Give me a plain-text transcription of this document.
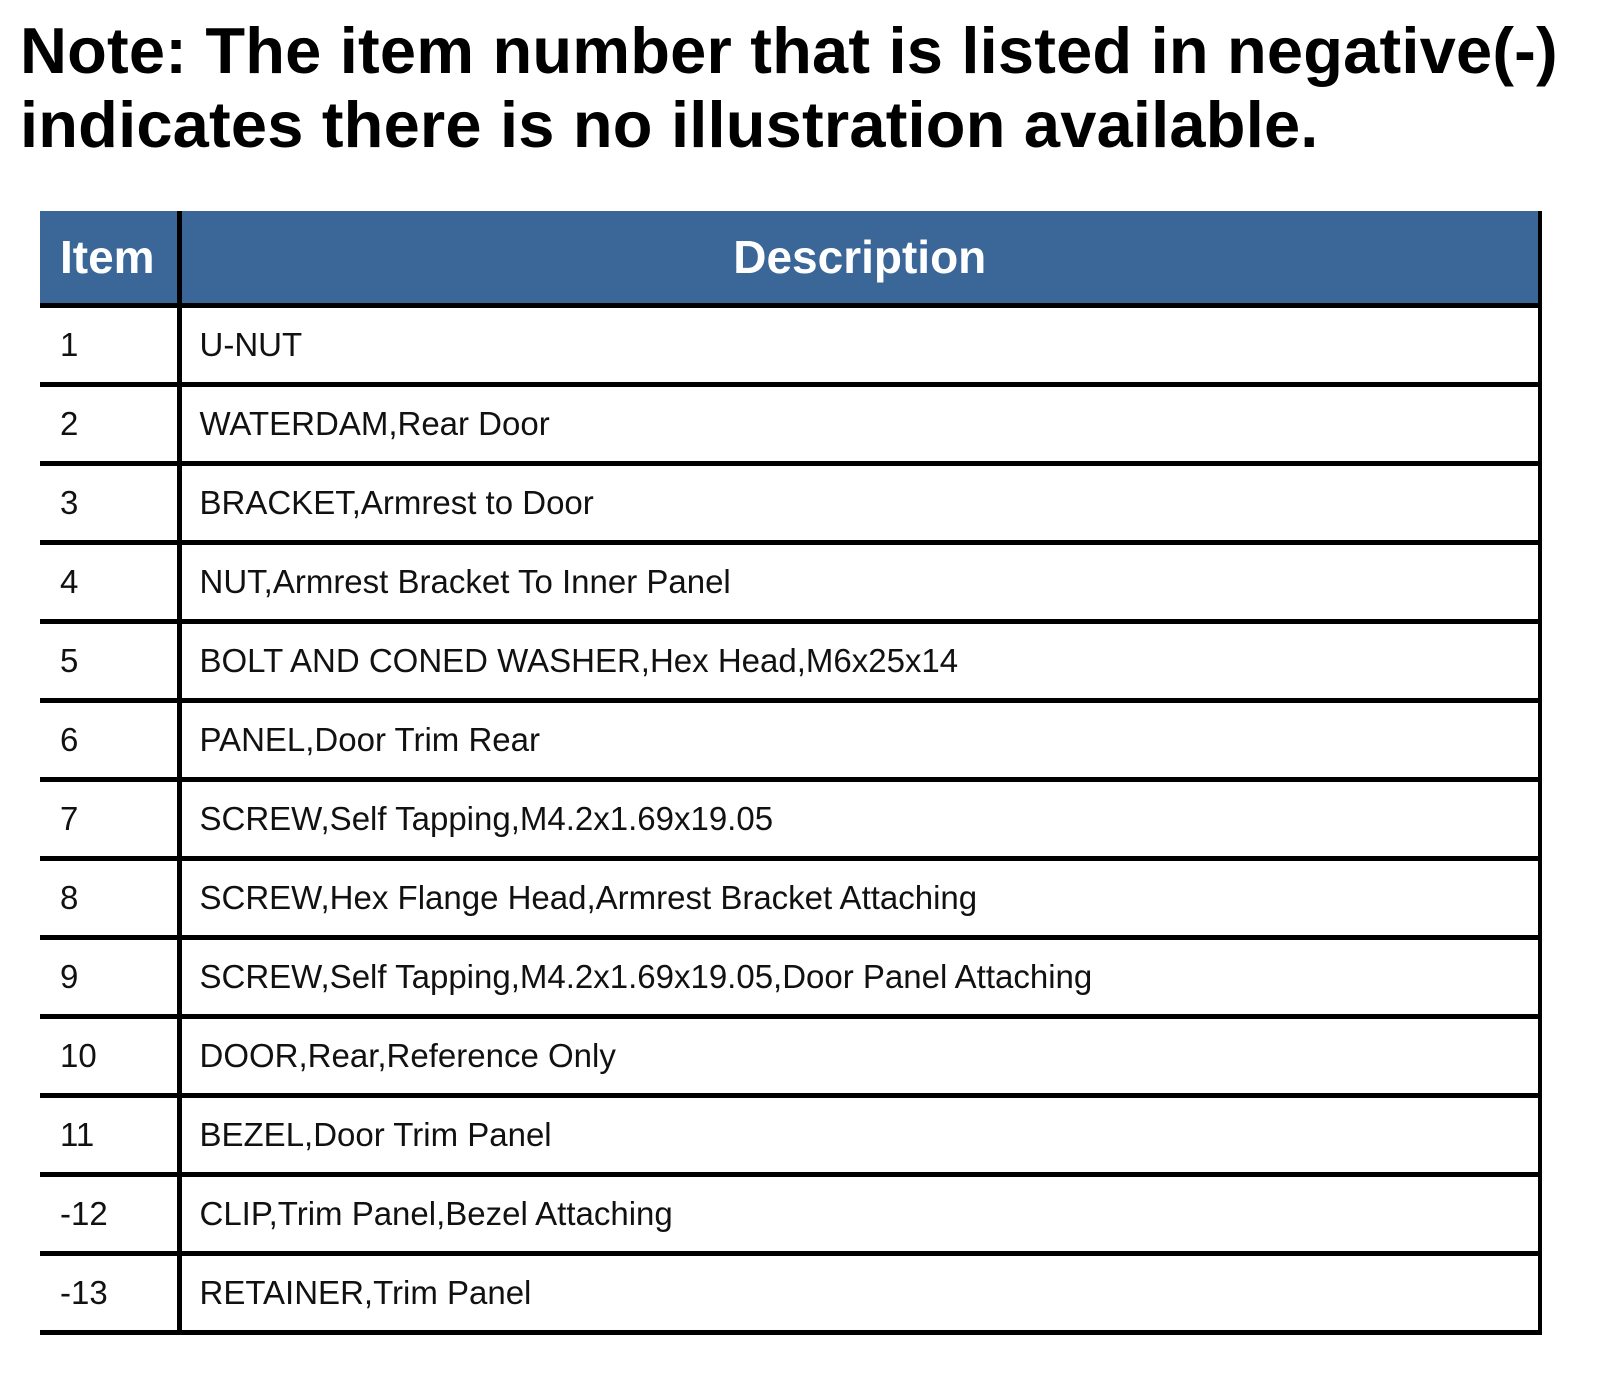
Note: The item number that is listed in negative(-)
indicates there is no illustration available.
Item	Description
1	U-NUT
2	WATERDAM,Rear Door
3	BRACKET,Armrest to Door
4	NUT,Armrest Bracket To Inner Panel
5	BOLT AND CONED WASHER,Hex Head,M6x25x14
6	PANEL,Door Trim Rear
7	SCREW,Self Tapping,M4.2x1.69x19.05
8	SCREW,Hex Flange Head,Armrest Bracket Attaching
9	SCREW,Self Tapping,M4.2x1.69x19.05,Door Panel Attaching
10	DOOR,Rear,Reference Only
11	BEZEL,Door Trim Panel
-12	CLIP,Trim Panel,Bezel Attaching
-13	RETAINER,Trim Panel
